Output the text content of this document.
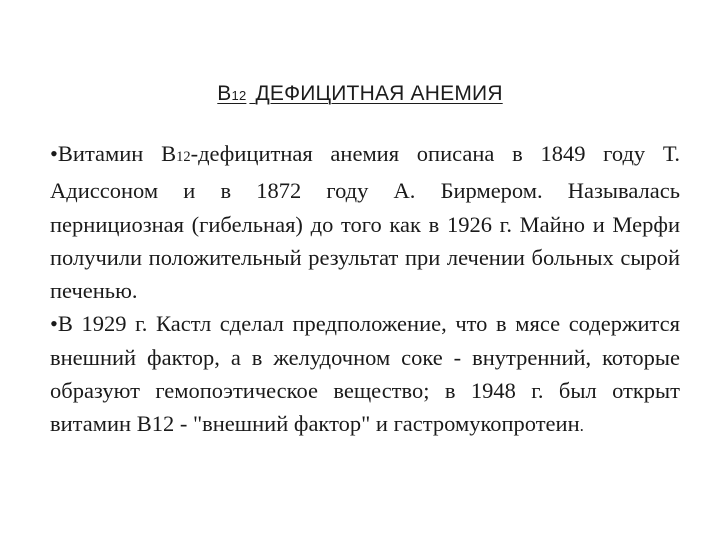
B12 ДЕФИЦИТНАЯ АНЕМИЯ

•Витамин В12-дефицитная анемия описана в 1849 году Т. Адиссоном и в 1872 году А. Бирмером. Называлась пернициозная (гибельная) до того как в 1926 г. Майно и Мерфи получили положительный результат при лечении больных сырой печенью.

•В 1929 г. Кастл сделал предположение, что в мясе содержится внешний фактор, а в желудочном соке - внутренний, которые образуют гемопоэтическое вещество; в 1948 г. был открыт витамин B12 - "внешний фактор" и гастромукопротеин.
